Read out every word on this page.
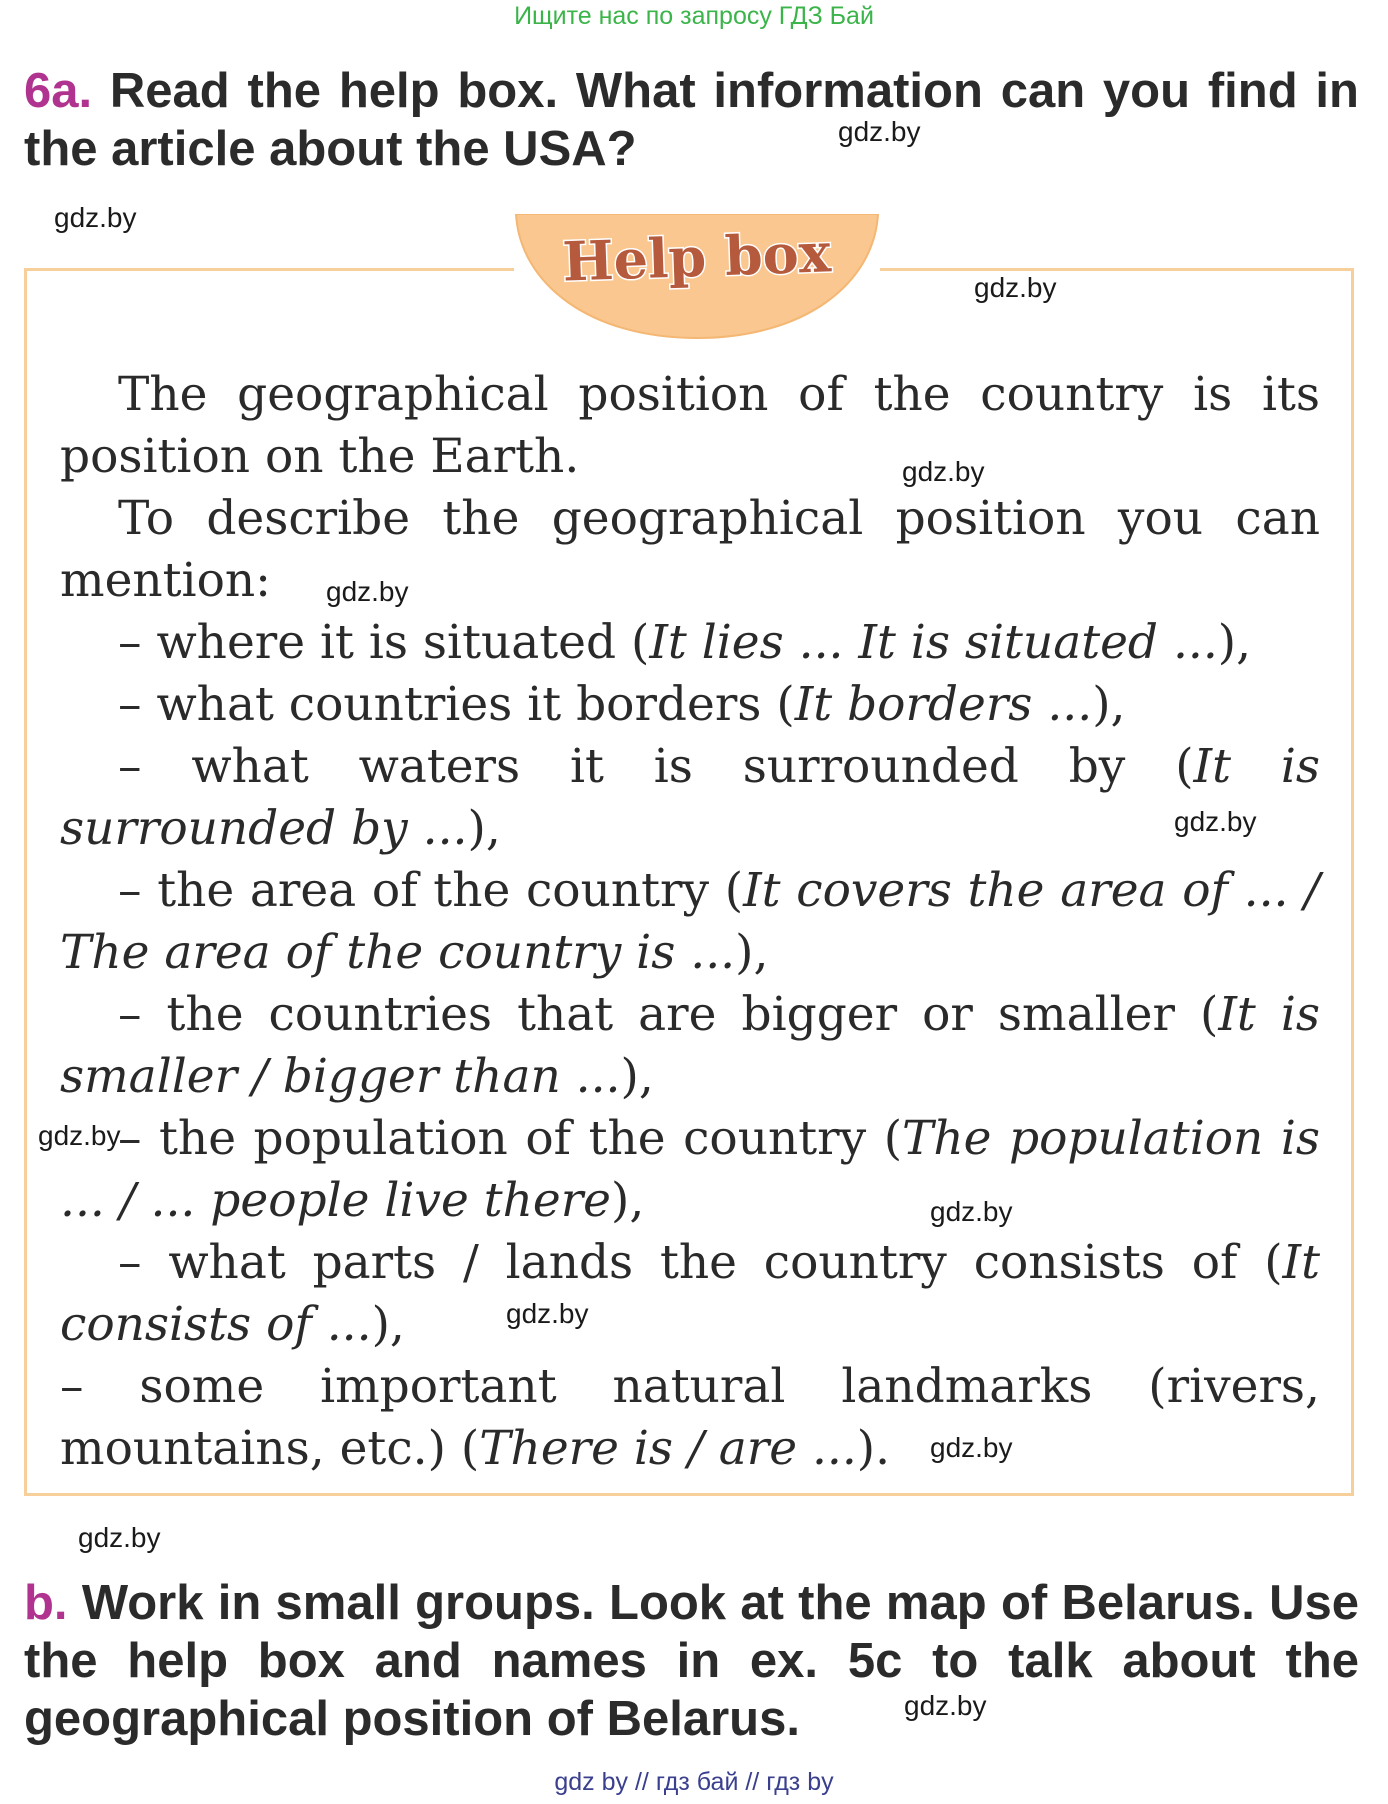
Ищите нас по запросу ГДЗ Бай
6a. Read the help box. What information can you find in the article about the USA?
Help box

The geographical position of the country is its position on the Earth.

To describe the geographical position you can mention:

– where it is situated (It lies ... It is situated ...),

– what countries it borders (It borders ...),

– what waters it is surrounded by (It is surrounded by ...),

– the area of the country (It covers the area of ... / The area of the country is ...),

– the countries that are bigger or smaller (It is smaller / bigger than ...),

– the population of the country (The population is ... / ... people live there),

– what parts / lands the country consists of (It consists of ...),

– some important natural landmarks (rivers, mountains, etc.) (There is / are ...).

b. Work in small groups. Look at the map of Belarus. Use the help box and names in ex. 5c to talk about the geographical position of Belarus.
gdz.by
gdz.by
gdz.by
gdz.by
gdz.by
gdz.by
gdz.by
gdz.by
gdz.by
gdz.by
gdz.by
gdz.by
gdz by // гдз бай // гдз by
